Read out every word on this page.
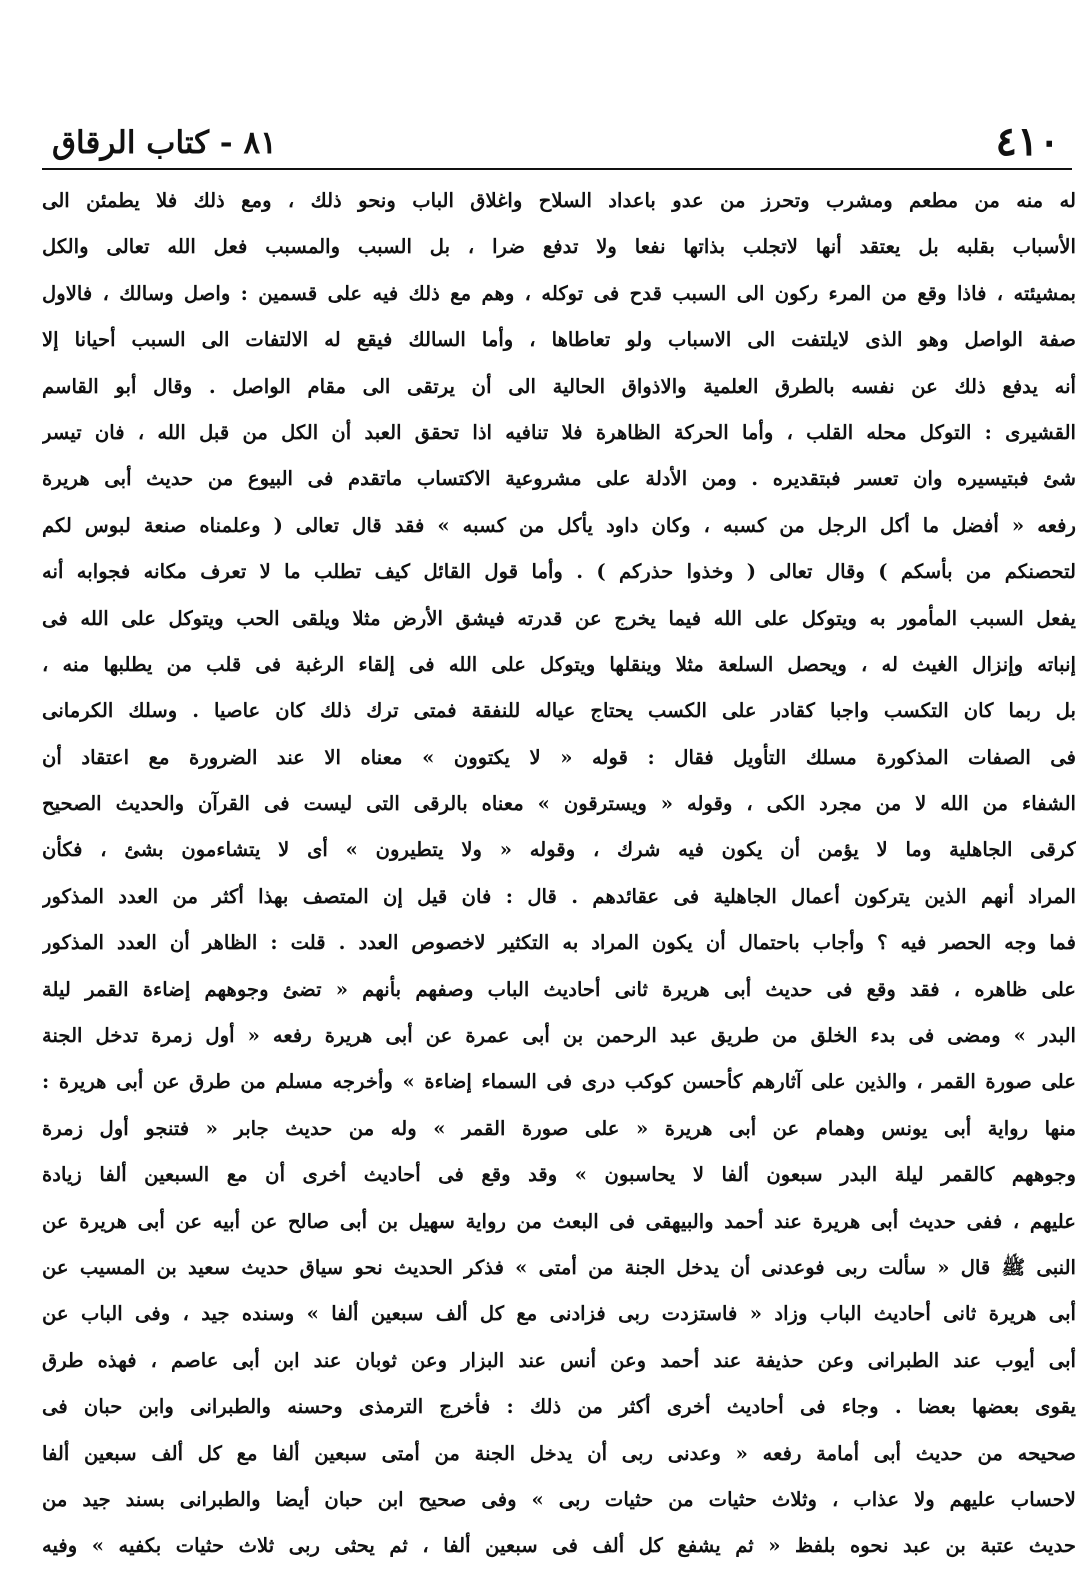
٤١٠
٨١ - كتاب الرقاق
له منه من مطعم ومشرب وتحرز من عدو باعداد السلاح واغلاق الباب ونحو ذلك ، ومع ذلك فلا يطمئن الى
الأسباب بقلبه بل يعتقد أنها لاتجلب بذاتها نفعا ولا تدفع ضرا ، بل السبب والمسبب فعل الله تعالى والكل
بمشيئته ، فاذا وقع من المرء ركون الى السبب قدح فى توكله ، وهم مع ذلك فيه على قسمين : واصل وسالك ، فالاول
صفة الواصل وهو الذى لايلتفت الى الاسباب ولو تعاطاها ، وأما السالك فيقع له الالتفات الى السبب أحيانا إلا
أنه يدفع ذلك عن نفسه بالطرق العلمية والاذواق الحالية الى أن يرتقى الى مقام الواصل . وقال أبو القاسم
القشيرى : التوكل محله القلب ، وأما الحركة الظاهرة فلا تنافيه اذا تحقق العبد أن الكل من قبل الله ، فان تيسر
شئ فبتيسيره وان تعسر فبتقديره . ومن الأدلة على مشروعية الاكتساب ماتقدم فى البيوع من حديث أبى هريرة
رفعه « أفضل ما أكل الرجل من كسبه ، وكان داود يأكل من كسبه » فقد قال تعالى ( وعلمناه صنعة لبوس لكم
لتحصنكم من بأسكم ) وقال تعالى ( وخذوا حذركم ) . وأما قول القائل كيف تطلب ما لا تعرف مكانه فجوابه أنه
يفعل السبب المأمور به ويتوكل على الله فيما يخرج عن قدرته فيشق الأرض مثلا ويلقى الحب ويتوكل على الله فى
إنباته وإنزال الغيث له ، ويحصل السلعة مثلا وينقلها ويتوكل على الله فى إلقاء الرغبة فى قلب من يطلبها منه ،
بل ربما كان التكسب واجبا كقادر على الكسب يحتاج عياله للنفقة فمتى ترك ذلك كان عاصيا . وسلك الكرمانى
فى الصفات المذكورة مسلك التأويل فقال : قوله « لا يكتوون » معناه الا عند الضرورة مع اعتقاد أن
الشفاء من الله لا من مجرد الكى ، وقوله « ويسترقون » معناه بالرقى التى ليست فى القرآن والحديث الصحيح
كرقى الجاهلية وما لا يؤمن أن يكون فيه شرك ، وقوله « ولا يتطيرون » أى لا يتشاءمون بشئ ، فكأن
المراد أنهم الذين يتركون أعمال الجاهلية فى عقائدهم . قال : فان قيل إن المتصف بهذا أكثر من العدد المذكور
فما وجه الحصر فيه ؟ وأجاب باحتمال أن يكون المراد به التكثير لاخصوص العدد . قلت : الظاهر أن العدد المذكور
على ظاهره ، فقد وقع فى حديث أبى هريرة ثانى أحاديث الباب وصفهم بأنهم « تضئ وجوههم إضاءة القمر ليلة
البدر » ومضى فى بدء الخلق من طريق عبد الرحمن بن أبى عمرة عن أبى هريرة رفعه « أول زمرة تدخل الجنة
على صورة القمر ، والذين على آثارهم كأحسن كوكب درى فى السماء إضاءة » وأخرجه مسلم من طرق عن أبى هريرة :
منها رواية أبى يونس وهمام عن أبى هريرة « على صورة القمر » وله من حديث جابر « فتنجو أول زمرة
وجوههم كالقمر ليلة البدر سبعون ألفا لا يحاسبون » وقد وقع فى أحاديث أخرى أن مع السبعين ألفا زيادة
عليهم ، ففى حديث أبى هريرة عند أحمد والبيهقى فى البعث من رواية سهيل بن أبى صالح عن أبيه عن أبى هريرة عن
النبى ﷺ قال « سألت ربى فوعدنى أن يدخل الجنة من أمتى » فذكر الحديث نحو سياق حديث سعيد بن المسيب عن
أبى هريرة ثانى أحاديث الباب وزاد « فاستزدت ربى فزادنى مع كل ألف سبعين ألفا » وسنده جيد ، وفى الباب عن
أبى أيوب عند الطبرانى وعن حذيفة عند أحمد وعن أنس عند البزار وعن ثوبان عند ابن أبى عاصم ، فهذه طرق
يقوى بعضها بعضا . وجاء فى أحاديث أخرى أكثر من ذلك : فأخرج الترمذى وحسنه والطبرانى وابن حبان فى
صحيحه من حديث أبى أمامة رفعه « وعدنى ربى أن يدخل الجنة من أمتى سبعين ألفا مع كل ألف سبعين ألفا
لاحساب عليهم ولا عذاب ، وثلاث حثيات من حثيات ربى » وفى صحيح ابن حبان أيضا والطبرانى بسند جيد من
حديث عتبة بن عبد نحوه بلفظ « ثم يشفع كل ألف فى سبعين ألفا ، ثم يحثى ربى ثلاث حثيات بكفيه » وفيه
